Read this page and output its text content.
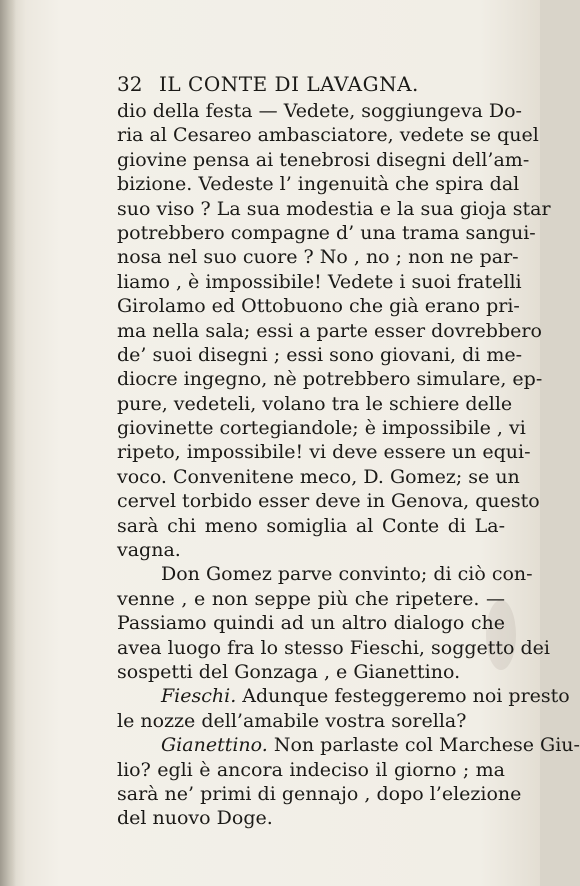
32 IL CONTE DI LAVAGNA.
dio della festa — Vedete, soggiungeva Do-
ria al Cesareo ambasciatore, vedete se quel
giovine pensa ai tenebrosi disegni dell’am-
bizione. Vedeste l’ ingenuità che spira dal
suo viso ? La sua modestia e la sua gioja star
potrebbero compagne d’ una trama sangui-
nosa nel suo cuore ? No , no ; non ne par-
liamo , è impossibile! Vedete i suoi fratelli
Girolamo ed Ottobuono che già erano pri-
ma nella sala; essi a parte esser dovrebbero
de’ suoi disegni ; essi sono giovani, di me-
diocre ingegno, nè potrebbero simulare, ep-
pure, vedeteli, volano tra le schiere delle
giovinette cortegiandole; è impossibile , vi
ripeto, impossibile! vi deve essere un equi-
voco. Convenitene meco, D. Gomez; se un
cervel torbido esser deve in Genova, questo
sarà chi meno somiglia al Conte di La-
vagna.
Don Gomez parve convinto; di ciò con-
venne , e non seppe più che ripetere. —
Passiamo quindi ad un altro dialogo che
avea luogo fra lo stesso Fieschi, soggetto dei
sospetti del Gonzaga , e Gianettino.
Fieschi. Adunque festeggeremo noi presto
le nozze dell’amabile vostra sorella?
Gianettino. Non parlaste col Marchese Giu-
lio? egli è ancora indeciso il giorno ; ma
sarà ne’ primi di gennajo , dopo l’elezione
del nuovo Doge.
